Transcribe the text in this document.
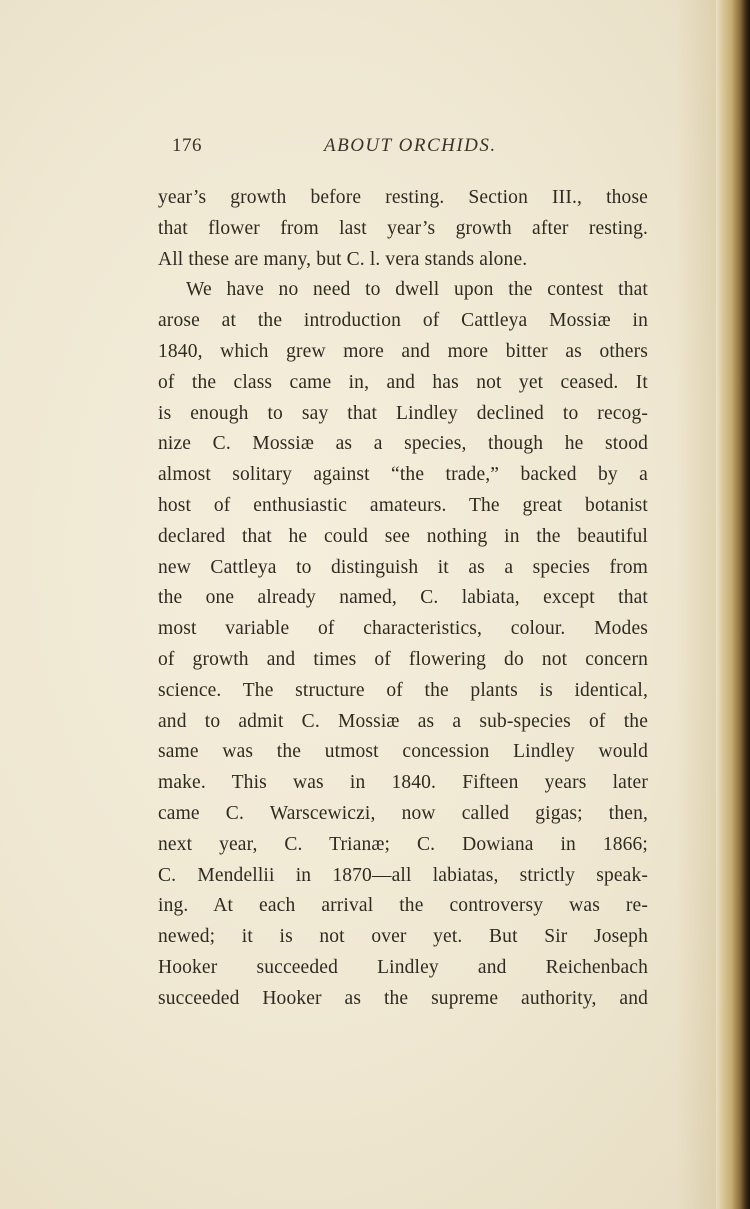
176	ABOUT ORCHIDS.
year’s growth before resting. Section III., those
that flower from last year’s growth after resting.
All these are many, but C. l. vera stands alone.
We have no need to dwell upon the contest that
arose at the introduction of Cattleya Mossiæ in
1840, which grew more and more bitter as others
of the class came in, and has not yet ceased. It
is enough to say that Lindley declined to recog-
nize C. Mossiæ as a species, though he stood
almost solitary against “the trade,” backed by a
host of enthusiastic amateurs. The great botanist
declared that he could see nothing in the beautiful
new Cattleya to distinguish it as a species from
the one already named, C. labiata, except that
most variable of characteristics, colour. Modes
of growth and times of flowering do not concern
science. The structure of the plants is identical,
and to admit C. Mossiæ as a sub-species of the
same was the utmost concession Lindley would
make. This was in 1840. Fifteen years later
came C. Warscewiczi, now called gigas; then,
next year, C. Trianæ; C. Dowiana in 1866;
C. Mendellii in 1870—all labiatas, strictly speak-
ing. At each arrival the controversy was re-
newed; it is not over yet. But Sir Joseph
Hooker succeeded Lindley and Reichenbach
succeeded Hooker as the supreme authority, and
